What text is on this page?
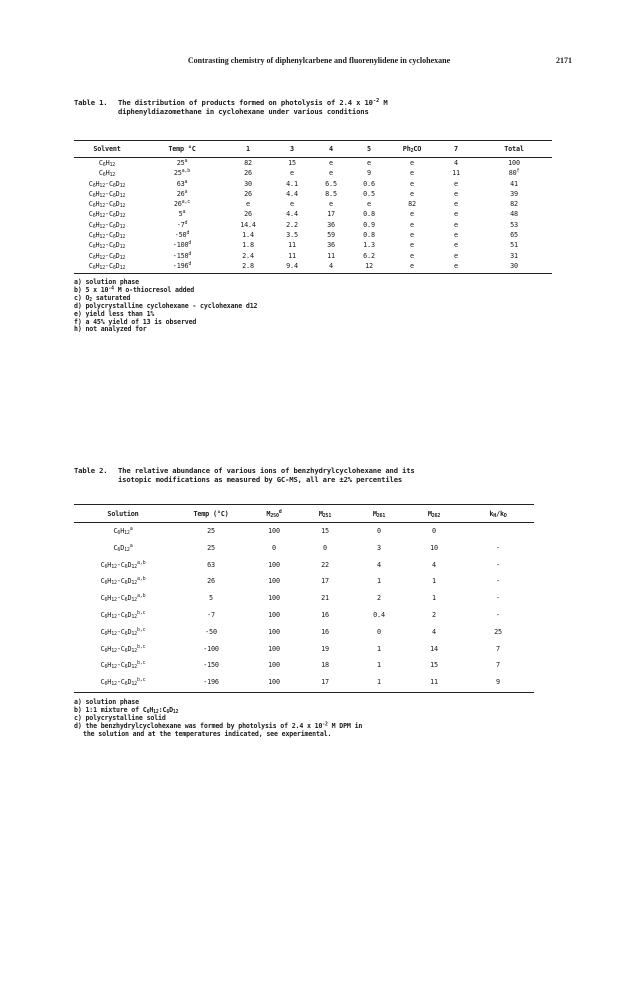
Contrasting chemistry of diphenylcarbene and fluorenylidene in cyclohexane	2171
Table 1.	The distribution of products formed on photolysis of 2.4 x $10^{-2}$ M
diphenyldiazomethane in cyclohexane under various conditions
Solvent	Temp °C	1	3	4	5	$Ph_2CO$	7	Total
$C_6H_{12}$	25$^a$	82	15	e	e	e	4	100
$C_6H_{12}$	25$^{a,b}$	26	e	e	9	e	11	80$^f$
$C_6H_{12}-C_6D_{12}$	63$^a$	30	4.1	6.5	0.6	e	e	41
$C_6H_{12}-C_6D_{12}$	26$^a$	26	4.4	8.5	0.5	e	e	39
$C_6H_{12}-C_6D_{12}$	26$^{a,c}$	e	e	e	e	82	e	82
$C_6H_{12}-C_6D_{12}$	5$^a$	26	4.4	17	0.8	e	e	48
$C_6H_{12}-C_6D_{12}$	-7$^d$	14.4	2.2	36	0.9	e	e	53
$C_6H_{12}-C_6D_{12}$	-50$^d$	1.4	3.5	59	0.8	e	e	65
$C_6H_{12}-C_6D_{12}$	-100$^d$	1.8	11	36	1.3	e	e	51
$C_6H_{12}-C_6D_{12}$	-150$^d$	2.4	11	11	6.2	e	e	31
$C_6H_{12}-C_6D_{12}$	-196$^d$	2.8	9.4	4	12	e	e	30
a) solution phase
b) 5 x $10^{-4}$ M o-thiocresol added
c) $O_2$ saturated
d) polycrystalline cyclohexane - cyclohexane d12
e) yield less than 1%
f) a 45% yield of 13 is observed
h) not analyzed for
Table 2.	The relative abundance of various ions of benzhydrylcyclohexane and its
isotopic modifications as measured by GC-MS, all are ±2% percentiles
Solution	Temp (°C)	$M_{250}^d$	$M_{251}$	$M_{261}$	$M_{262}$	$k_H/k_D$
$C_6H_{12}^a$	25	100	15	0	0	
$C_6D_{12}^a$	25	0	0	3	10	-
$C_6H_{12}-C_6D_{12}^{a,b}$	63	100	22	4	4	-
$C_6H_{12}-C_6D_{12}^{a,b}$	26	100	17	1	1	-
$C_6H_{12}-C_6D_{12}^{a,b}$	5	100	21	2	1	-
$C_6H_{12}-C_6D_{12}^{b,c}$	-7	100	16	0.4	2	-
$C_6H_{12}-C_6D_{12}^{b,c}$	-50	100	16	0	4	25
$C_6H_{12}-C_6D_{12}^{b,c}$	-100	100	19	1	14	7
$C_6H_{12}-C_6D_{12}^{b,c}$	-150	100	18	1	15	7
$C_6H_{12}-C_6D_{12}^{b,c}$	-196	100	17	1	11	9
a) solution phase
b) 1:1 mixture of $C_6H_{12}:C_6D_{12}$
c) polycrystalline solid
d) the benzhydrylcyclohexane was formed by photolysis of 2.4 x $10^{-2}$ M DPM in
the solution and at the temperatures indicated, see experimental.
